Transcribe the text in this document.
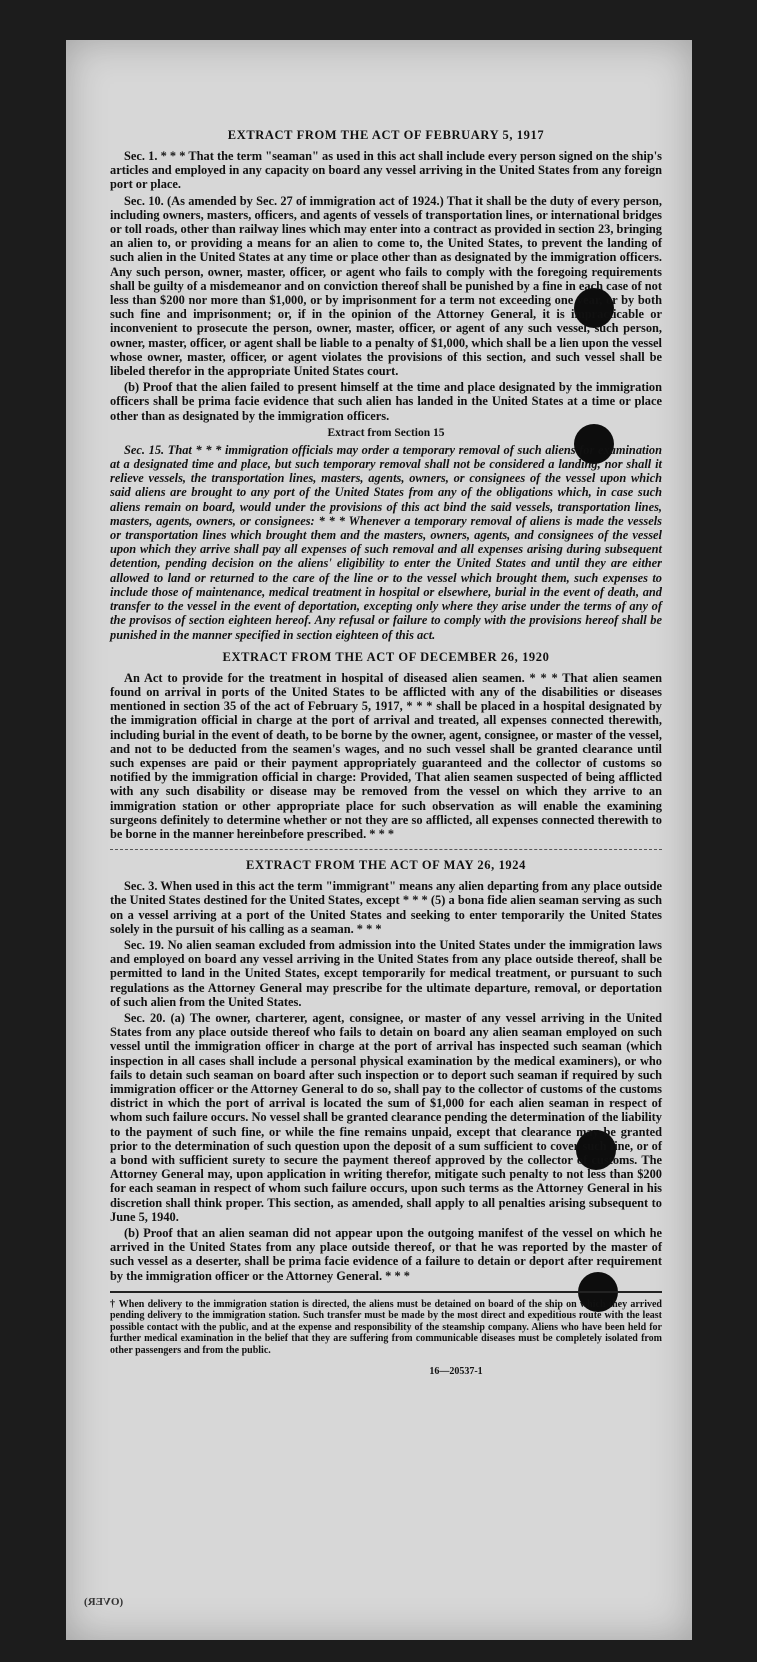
EXTRACT FROM THE ACT OF FEBRUARY 5, 1917

Sec. 1. * * * That the term "seaman" as used in this act shall include every person signed on the ship's articles and employed in any capacity on board any vessel arriving in the United States from any foreign port or place.

Sec. 10. (As amended by Sec. 27 of immigration act of 1924.) That it shall be the duty of every person, including owners, masters, officers, and agents of vessels of transportation lines, or international bridges or toll roads, other than railway lines which may enter into a contract as provided in section 23, bringing an alien to, or providing a means for an alien to come to, the United States, to prevent the landing of such alien in the United States at any time or place other than as designated by the immigration officers. Any such person, owner, master, officer, or agent who fails to comply with the foregoing requirements shall be guilty of a misdemeanor and on conviction thereof shall be punished by a fine in each case of not less than $200 nor more than $1,000, or by imprisonment for a term not exceeding one year, or by both such fine and imprisonment; or, if in the opinion of the Attorney General, it is impracticable or inconvenient to prosecute the person, owner, master, officer, or agent of any such vessel, such person, owner, master, officer, or agent shall be liable to a penalty of $1,000, which shall be a lien upon the vessel whose owner, master, officer, or agent violates the provisions of this section, and such vessel shall be libeled therefor in the appropriate United States court.

(b) Proof that the alien failed to present himself at the time and place designated by the immigration officers shall be prima facie evidence that such alien has landed in the United States at a time or place other than as designated by the immigration officers.

Extract from Section 15

Sec. 15. That * * * immigration officials may order a temporary removal of such aliens for examination at a designated time and place, but such temporary removal shall not be considered a landing, nor shall it relieve vessels, the transportation lines, masters, agents, owners, or consignees of the vessel upon which said aliens are brought to any port of the United States from any of the obligations which, in case such aliens remain on board, would under the provisions of this act bind the said vessels, transportation lines, masters, agents, owners, or consignees: * * * Whenever a temporary removal of aliens is made the vessels or transportation lines which brought them and the masters, owners, agents, and consignees of the vessel upon which they arrive shall pay all expenses of such removal and all expenses arising during subsequent detention, pending decision on the aliens' eligibility to enter the United States and until they are either allowed to land or returned to the care of the line or to the vessel which brought them, such expenses to include those of maintenance, medical treatment in hospital or elsewhere, burial in the event of death, and transfer to the vessel in the event of deportation, excepting only where they arise under the terms of any of the provisos of section eighteen hereof. Any refusal or failure to comply with the provisions hereof shall be punished in the manner specified in section eighteen of this act.

EXTRACT FROM THE ACT OF DECEMBER 26, 1920

An Act to provide for the treatment in hospital of diseased alien seamen. * * * That alien seamen found on arrival in ports of the United States to be afflicted with any of the disabilities or diseases mentioned in section 35 of the act of February 5, 1917, * * * shall be placed in a hospital designated by the immigration official in charge at the port of arrival and treated, all expenses connected therewith, including burial in the event of death, to be borne by the owner, agent, consignee, or master of the vessel, and not to be deducted from the seamen's wages, and no such vessel shall be granted clearance until such expenses are paid or their payment appropriately guaranteed and the collector of customs so notified by the immigration official in charge: Provided, That alien seamen suspected of being afflicted with any such disability or disease may be removed from the vessel on which they arrive to an immigration station or other appropriate place for such observation as will enable the examining surgeons definitely to determine whether or not they are so afflicted, all expenses connected therewith to be borne in the manner hereinbefore prescribed. * * *

EXTRACT FROM THE ACT OF MAY 26, 1924

Sec. 3. When used in this act the term "immigrant" means any alien departing from any place outside the United States destined for the United States, except * * * (5) a bona fide alien seaman serving as such on a vessel arriving at a port of the United States and seeking to enter temporarily the United States solely in the pursuit of his calling as a seaman. * * *

Sec. 19. No alien seaman excluded from admission into the United States under the immigration laws and employed on board any vessel arriving in the United States from any place outside thereof, shall be permitted to land in the United States, except temporarily for medical treatment, or pursuant to such regulations as the Attorney General may prescribe for the ultimate departure, removal, or deportation of such alien from the United States.

Sec. 20. (a) The owner, charterer, agent, consignee, or master of any vessel arriving in the United States from any place outside thereof who fails to detain on board any alien seaman employed on such vessel until the immigration officer in charge at the port of arrival has inspected such seaman (which inspection in all cases shall include a personal physical examination by the medical examiners), or who fails to detain such seaman on board after such inspection or to deport such seaman if required by such immigration officer or the Attorney General to do so, shall pay to the collector of customs of the customs district in which the port of arrival is located the sum of $1,000 for each alien seaman in respect of whom such failure occurs. No vessel shall be granted clearance pending the determination of the liability to the payment of such fine, or while the fine remains unpaid, except that clearance may be granted prior to the determination of such question upon the deposit of a sum sufficient to cover such fine, or of a bond with sufficient surety to secure the payment thereof approved by the collector of customs. The Attorney General may, upon application in writing therefor, mitigate such penalty to not less than $200 for each seaman in respect of whom such failure occurs, upon such terms as the Attorney General in his discretion shall think proper. This section, as amended, shall apply to all penalties arising subsequent to June 5, 1940.

(b) Proof that an alien seaman did not appear upon the outgoing manifest of the vessel on which he arrived in the United States from any place outside thereof, or that he was reported by the master of such vessel as a deserter, shall be prima facie evidence of a failure to detain or deport after requirement by the immigration officer or the Attorney General. * * *

† When delivery to the immigration station is directed, the aliens must be detained on board of the ship on which they arrived pending delivery to the immigration station. Such transfer must be made by the most direct and expeditious route with the least possible contact with the public, and at the expense and responsibility of the steamship company. Aliens who have been held for further medical examination in the belief that they are suffering from communicable diseases must be completely isolated from other passengers and from the public.

16—20537-1
(OVER)
